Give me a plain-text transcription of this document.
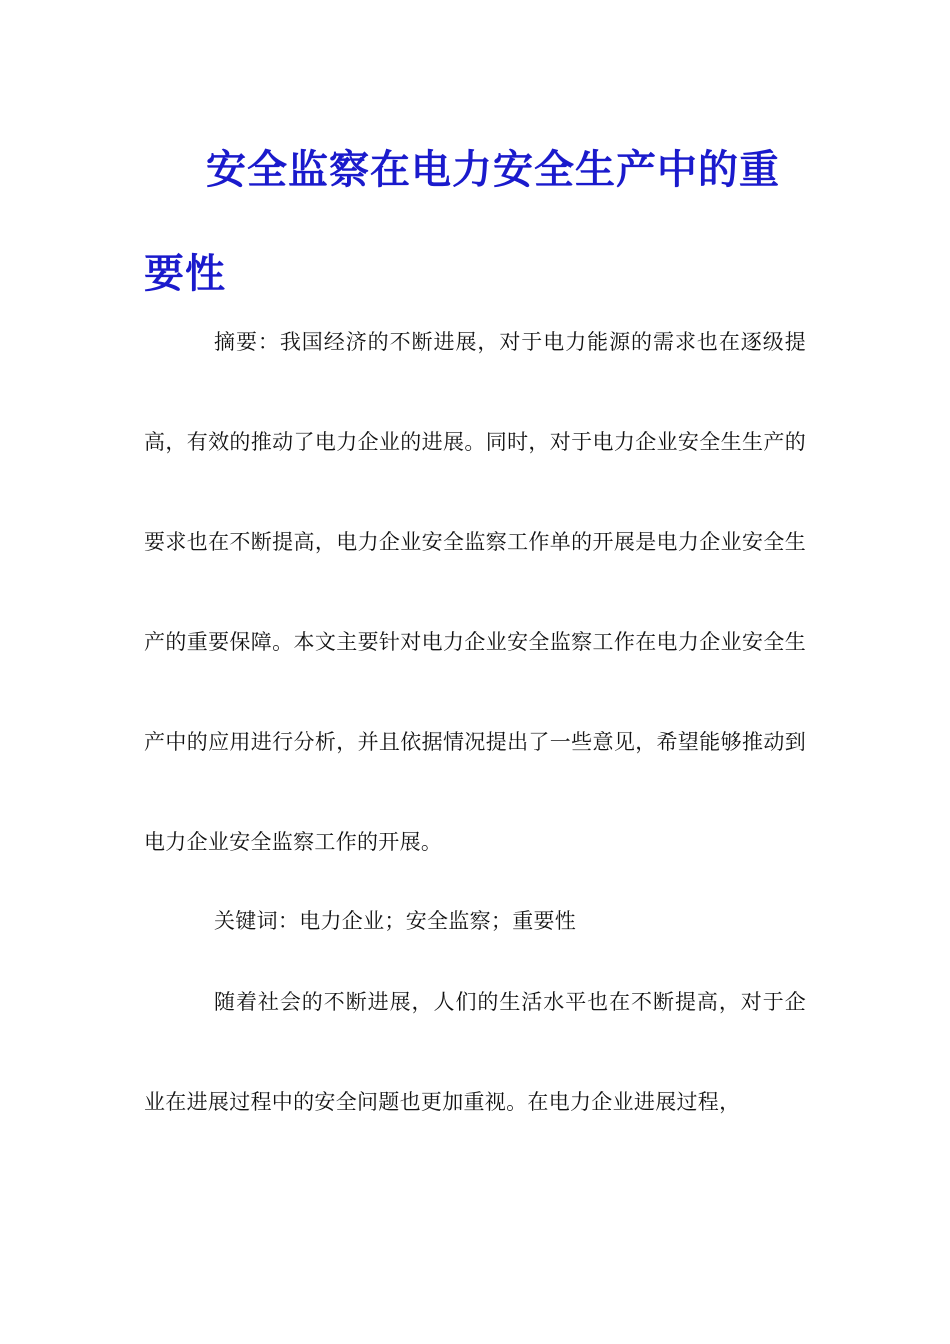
安全监察在电力安全生产中的重要性

摘要：我国经济的不断进展，对于电力能源的需求也在逐级提高，有效的推动了电力企业的进展。同时，对于电力企业安全生生产的要求也在不断提高，电力企业安全监察工作单的开展是电力企业安全生产的重要保障。本文主要针对电力企业安全监察工作在电力企业安全生产中的应用进行分析，并且依据情况提出了一些意见，希望能够推动到电力企业安全监察工作的开展。

关键词：电力企业；安全监察；重要性

随着社会的不断进展，人们的生活水平也在不断提高，对于企业在进展过程中的安全问题也更加重视。在电力企业进展过程，
